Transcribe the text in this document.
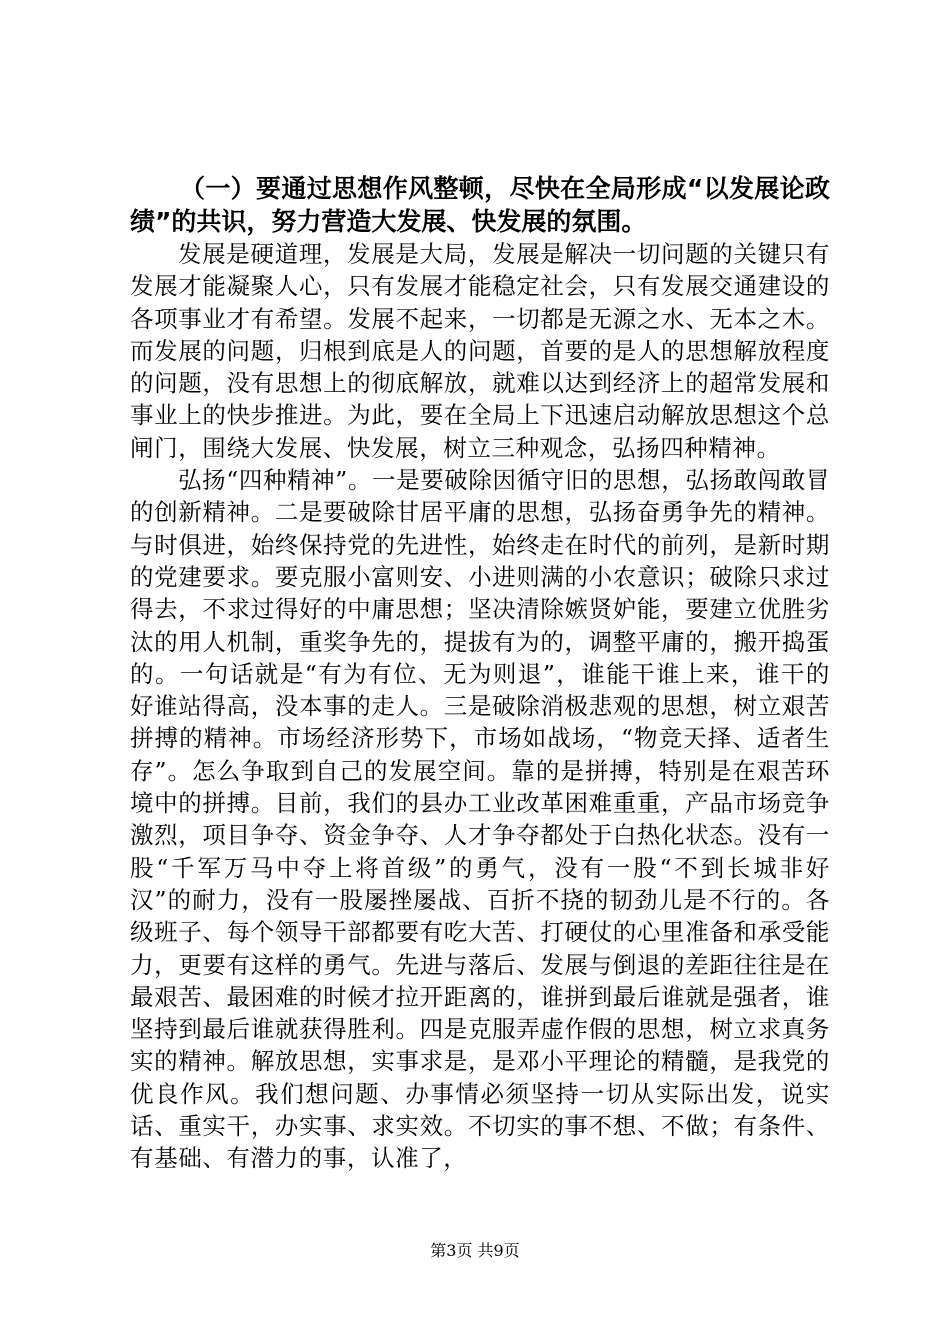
（一）要通过思想作风整顿，尽快在全局形成“以发展论政绩”的共识，努力营造大发展、快发展的氛围。

发展是硬道理，发展是大局，发展是解决一切问题的关键只有发展才能凝聚人心，只有发展才能稳定社会，只有发展交通建设的各项事业才有希望。发展不起来，一切都是无源之水、无本之木。而发展的问题，归根到底是人的问题，首要的是人的思想解放程度的问题，没有思想上的彻底解放，就难以达到经济上的超常发展和事业上的快步推进。为此，要在全局上下迅速启动解放思想这个总闸门，围绕大发展、快发展，树立三种观念，弘扬四种精神。

弘扬“四种精神”。一是要破除因循守旧的思想，弘扬敢闯敢冒的创新精神。二是要破除甘居平庸的思想，弘扬奋勇争先的精神。与时俱进，始终保持党的先进性，始终走在时代的前列，是新时期的党建要求。要克服小富则安、小进则满的小农意识；破除只求过得去，不求过得好的中庸思想；坚决清除嫉贤妒能，要建立优胜劣汰的用人机制，重奖争先的，提拔有为的，调整平庸的，搬开捣蛋的。一句话就是“有为有位、无为则退”，谁能干谁上来，谁干的好谁站得高，没本事的走人。三是破除消极悲观的思想，树立艰苦拼搏的精神。市场经济形势下，市场如战场，“物竞天择、适者生存”。怎么争取到自己的发展空间。靠的是拼搏，特别是在艰苦环境中的拼搏。目前，我们的县办工业改革困难重重，产品市场竞争激烈，项目争夺、资金争夺、人才争夺都处于白热化状态。没有一股“千军万马中夺上将首级”的勇气，没有一股“不到长城非好汉”的耐力，没有一股屡挫屡战、百折不挠的韧劲儿是不行的。各级班子、每个领导干部都要有吃大苦、打硬仗的心里准备和承受能力，更要有这样的勇气。先进与落后、发展与倒退的差距往往是在最艰苦、最困难的时候才拉开距离的，谁拼到最后谁就是强者，谁坚持到最后谁就获得胜利。四是克服弄虚作假的思想，树立求真务实的精神。解放思想，实事求是，是邓小平理论的精髓，是我党的优良作风。我们想问题、办事情必须坚持一切从实际出发，说实话、重实干，办实事、求实效。不切实的事不想、不做；有条件、有基础、有潜力的事，认准了，

第3页 共9页
